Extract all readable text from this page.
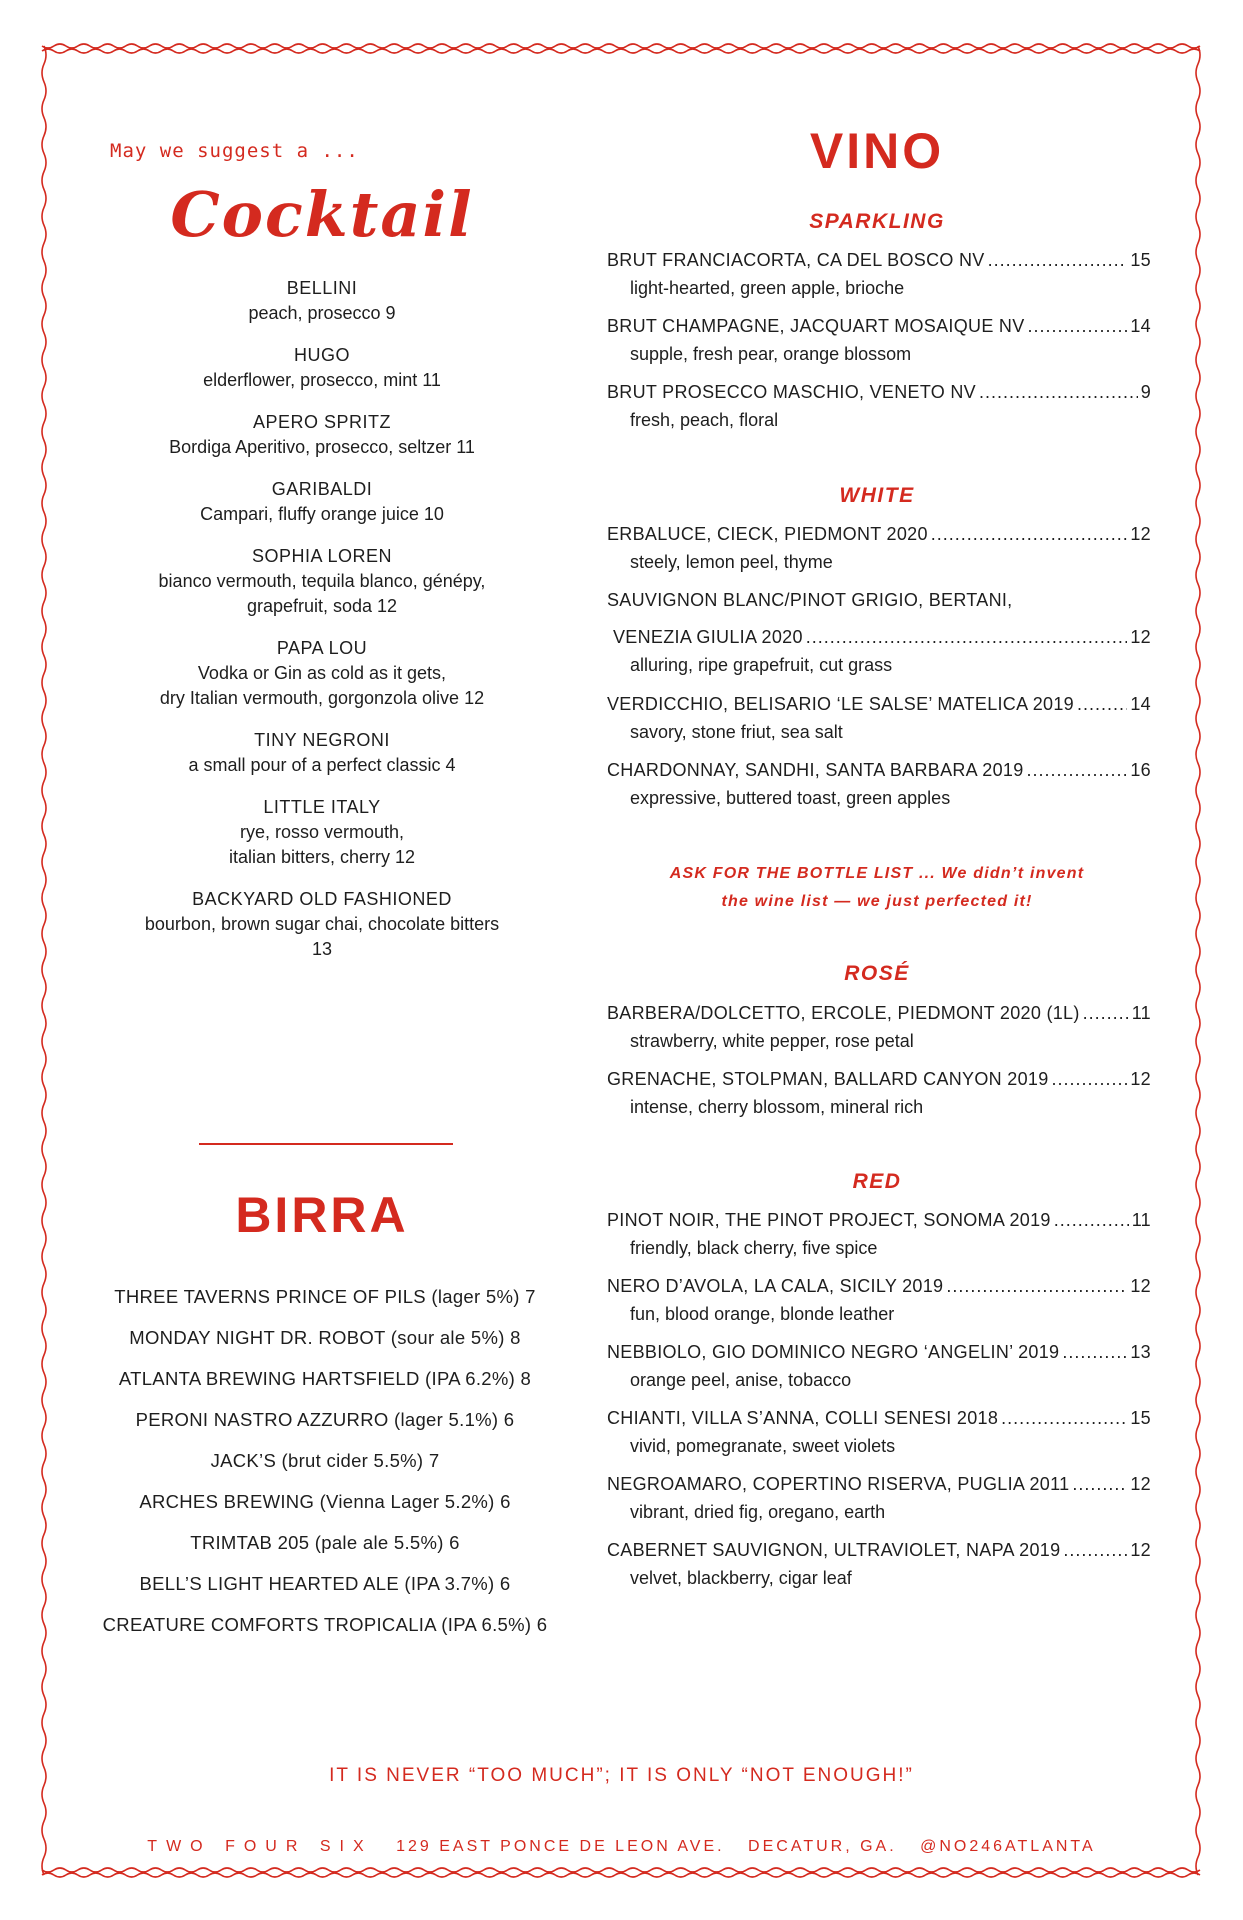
May we suggest a ...
Cocktail
BELLINI
peach, prosecco 9
HUGO
elderflower, prosecco, mint 11
APERO SPRITZ
Bordiga Aperitivo, prosecco, seltzer 11
GARIBALDI
Campari, fluffy orange juice 10
SOPHIA LOREN
bianco vermouth, tequila blanco, génépy,
grapefruit, soda 12
PAPA LOU
Vodka or Gin as cold as it gets,
dry Italian vermouth, gorgonzola olive 12
TINY NEGRONI
a small pour of a perfect classic 4
LITTLE ITALY
rye, rosso vermouth,
italian bitters, cherry 12
BACKYARD OLD FASHIONED
bourbon, brown sugar chai, chocolate bitters
13
BIRRA
THREE TAVERNS PRINCE OF PILS (lager 5%) 7
MONDAY NIGHT DR. ROBOT (sour ale 5%) 8
ATLANTA BREWING HARTSFIELD (IPA 6.2%) 8
PERONI NASTRO AZZURRO (lager 5.1%) 6
JACK’S (brut cider 5.5%) 7
ARCHES BREWING (Vienna Lager 5.2%) 6
TRIMTAB 205 (pale ale 5.5%) 6
BELL’S LIGHT HEARTED ALE (IPA 3.7%) 6
CREATURE COMFORTS TROPICALIA (IPA 6.5%) 6
VINO
SPARKLING
BRUT FRANCIACORTA, CA DEL BOSCO NV .....	15
light-hearted, green apple, brioche
BRUT CHAMPAGNE, JACQUART MOSAIQUE NV .....	14
supple, fresh pear, orange blossom
BRUT PROSECCO MASCHIO, VENETO NV .....	9
fresh, peach, floral
WHITE
ERBALUCE, CIECK, PIEDMONT 2020 .....	12
steely, lemon peel, thyme
SAUVIGNON BLANC/PINOT GRIGIO, BERTANI,
VENEZIA GIULIA 2020 .....	12
alluring, ripe grapefruit, cut grass
VERDICCHIO, BELISARIO ‘LE SALSE’ MATELICA 2019 .....	14
savory, stone friut, sea salt
CHARDONNAY, SANDHI, SANTA BARBARA 2019 .....	16
expressive, buttered toast, green apples
ASK FOR THE BOTTLE LIST ... We didn’t invent
the wine list — we just perfected it!
ROSÉ
BARBERA/DOLCETTO, ERCOLE, PIEDMONT 2020 (1L) .....	11
strawberry, white pepper, rose petal
GRENACHE, STOLPMAN, BALLARD CANYON 2019 .....	12
intense, cherry blossom, mineral rich
RED
PINOT NOIR, THE PINOT PROJECT, SONOMA 2019 .....	11
friendly, black cherry, five spice
NERO D’AVOLA, LA CALA, SICILY 2019 .....	12
fun, blood orange, blonde leather
NEBBIOLO, GIO DOMINICO NEGRO ‘ANGELIN’ 2019 .....	13
orange peel, anise, tobacco
CHIANTI, VILLA S’ANNA, COLLI SENESI 2018 .....	15
vivid, pomegranate, sweet violets
NEGROAMARO, COPERTINO RISERVA, PUGLIA 2011 .....	12
vibrant, dried fig, oregano, earth
CABERNET SAUVIGNON, ULTRAVIOLET, NAPA 2019 .....	12
velvet, blackberry, cigar leaf
IT IS NEVER “TOO MUCH”; IT IS ONLY “NOT ENOUGH!”
TWO FOUR SIX 129 EAST PONCE DE LEON AVE. DECATUR, GA. @NO246ATLANTA
